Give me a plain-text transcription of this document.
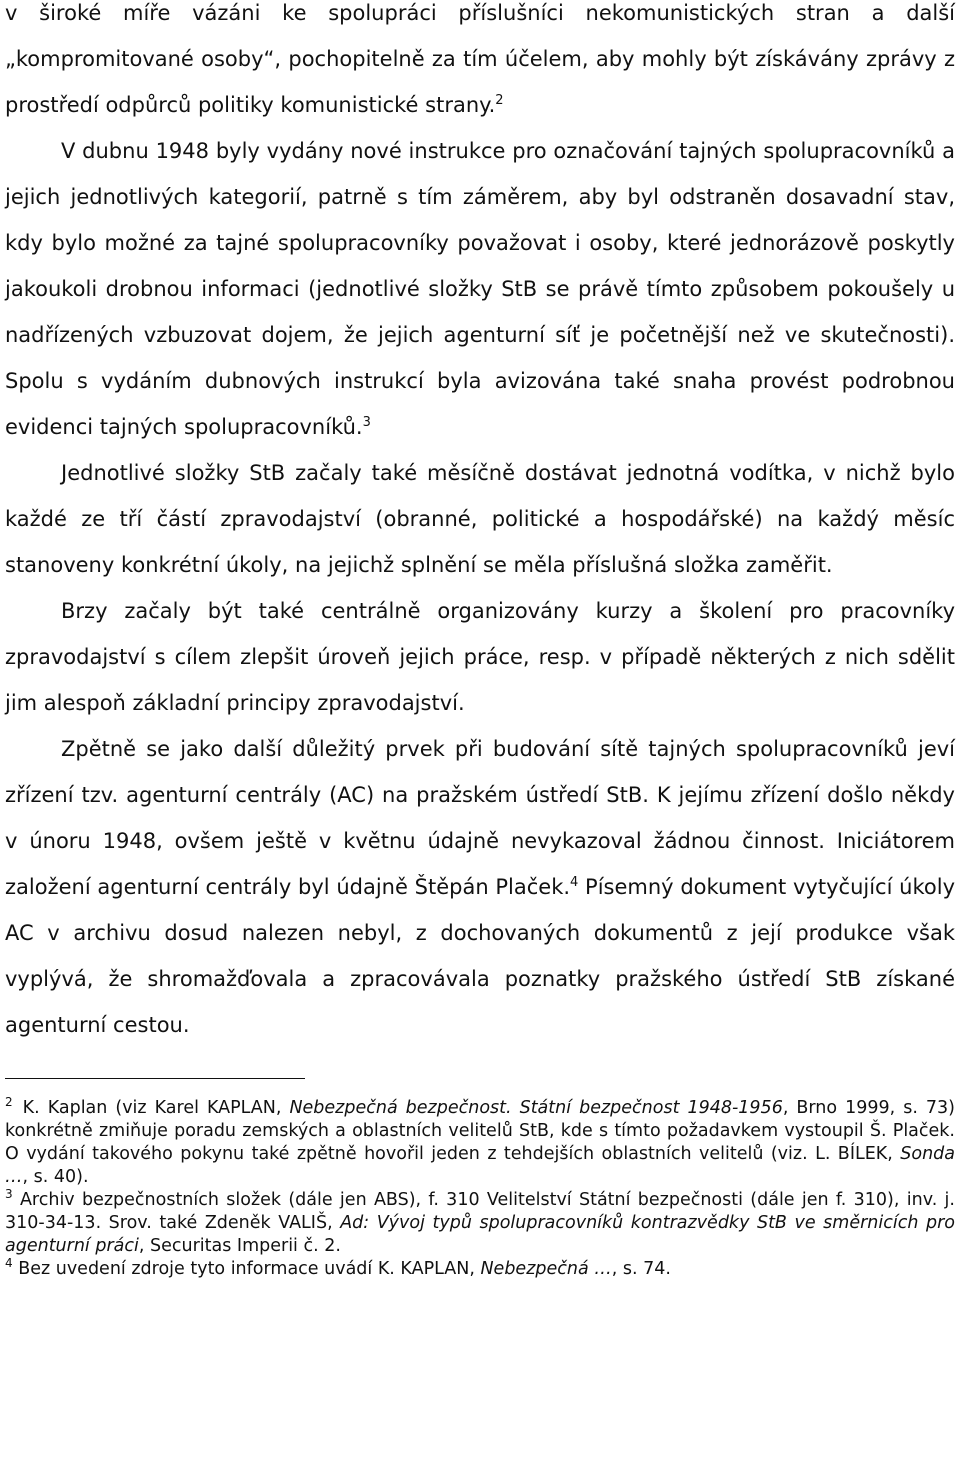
v široké míře vázáni ke spolupráci příslušníci nekomunistických stran a další „kompromitované osoby“, pochopitelně za tím účelem, aby mohly být získávány zprávy z prostředí odpůrců politiky komunistické strany.$^2$

V dubnu 1948 byly vydány nové instrukce pro označování tajných spolupracovníků a jejich jednotlivých kategorií, patrně s tím záměrem, aby byl odstraněn dosavadní stav, kdy bylo možné za tajné spolupracovníky považovat i osoby, které jednorázově poskytly jakoukoli drobnou informaci (jednotlivé složky StB se právě tímto způsobem pokoušely u nadřízených vzbuzovat dojem, že jejich agenturní síť je početnější než ve skutečnosti). Spolu s vydáním dubnových instrukcí byla avizována také snaha provést podrobnou evidenci tajných spolupracovníků.$^3$

Jednotlivé složky StB začaly také měsíčně dostávat jednotná vodítka, v nichž bylo každé ze tří částí zpravodajství (obranné, politické a hospodářské) na každý měsíc stanoveny konkrétní úkoly, na jejichž splnění se měla příslušná složka zaměřit.

Brzy začaly být také centrálně organizovány kurzy a školení pro pracovníky zpravodajství s cílem zlepšit úroveň jejich práce, resp. v případě některých z nich sdělit jim alespoň základní principy zpravodajství.

Zpětně se jako další důležitý prvek při budování sítě tajných spolupracovníků jeví zřízení tzv. agenturní centrály (AC) na pražském ústředí StB. K jejímu zřízení došlo někdy v únoru 1948, ovšem ještě v květnu údajně nevykazoval žádnou činnost. Iniciátorem založení agenturní centrály byl údajně Štěpán Plaček.$^4$ Písemný dokument vytyčující úkoly AC v archivu dosud nalezen nebyl, z dochovaných dokumentů z její produkce však vyplývá, že shromažďovala a zpracovávala poznatky pražského ústředí StB získané agenturní cestou.

$^2$ K. Kaplan (viz Karel KAPLAN, Nebezpečná bezpečnost. Státní bezpečnost 1948-1956, Brno 1999, s. 73) konkrétně zmiňuje poradu zemských a oblastních velitelů StB, kde s tímto požadavkem vystoupil Š. Plaček. O vydání takového pokynu také zpětně hovořil jeden z tehdejších oblastních velitelů (viz. L. BÍLEK, Sonda …, s. 40).

$^3$ Archiv bezpečnostních složek (dále jen ABS), f. 310 Velitelství Státní bezpečnosti (dále jen f. 310), inv. j. 310-34-13. Srov. také Zdeněk VALIŠ, Ad: Vývoj typů spolupracovníků kontrazvědky StB ve směrnicích pro agenturní práci, Securitas Imperii č. 2.

$^4$ Bez uvedení zdroje tyto informace uvádí K. KAPLAN, Nebezpečná …, s. 74.
